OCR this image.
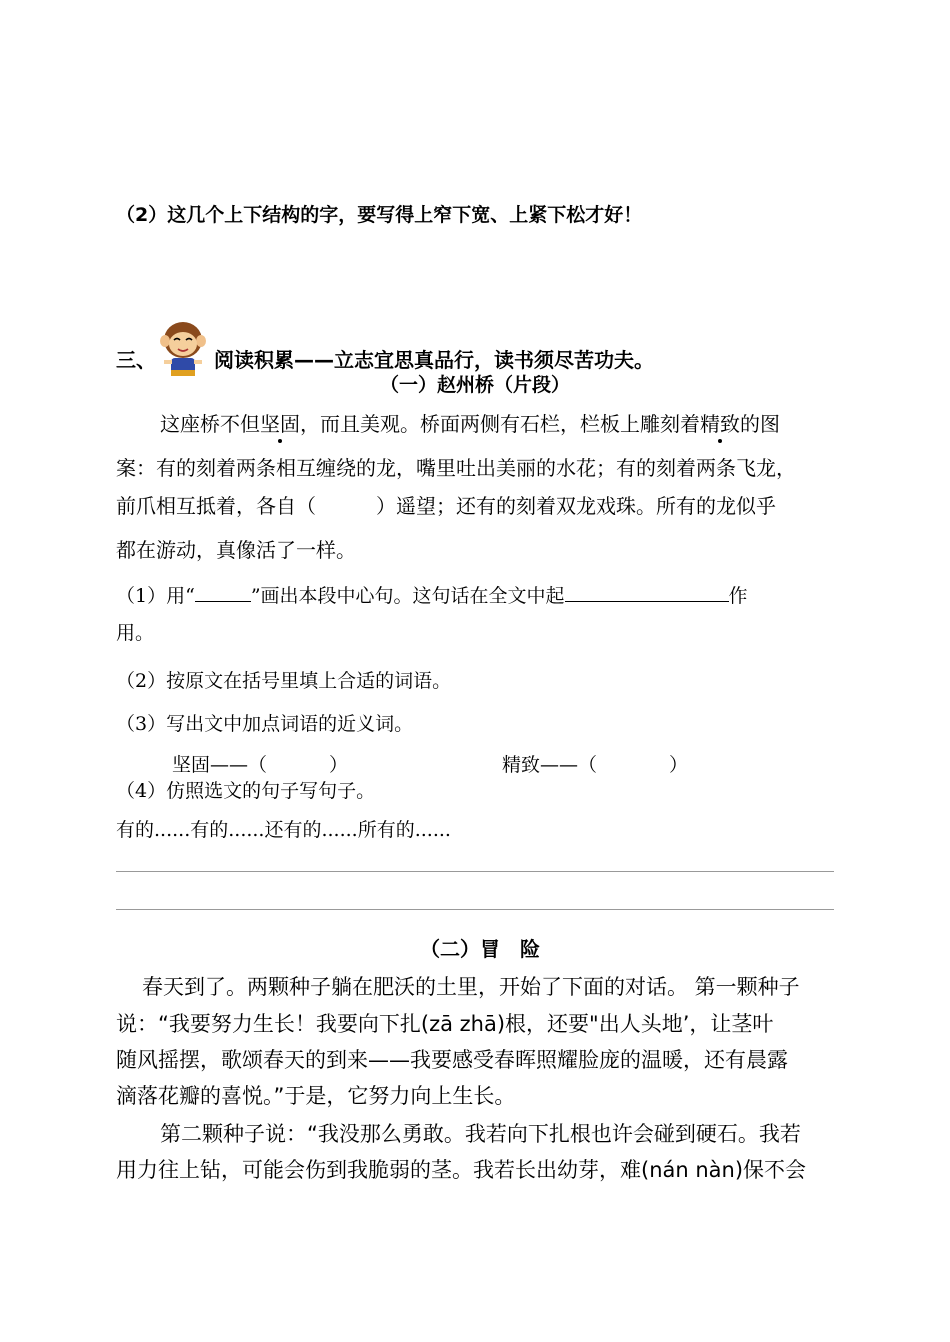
（2）这几个上下结构的字，要写得上窄下宽、上紧下松才好！
三、	阅读积累——立志宜思真品行，读书须尽苦功夫。
（一）赵州桥（片段）
这座桥不但坚固，而且美观。桥面两侧有石栏，栏板上雕刻着精致的图
案：有的刻着两条相互缠绕的龙，嘴里吐出美丽的水花；有的刻着两条飞龙，
前爪相互抵着，各自（	）遥望；还有的刻着双龙戏珠。所有的龙似乎
都在游动，真像活了一样。
（1）用“	”画出本段中心句。这句话在全文中起	作
用。
（2）按原文在括号里填上合适的词语。
（3）写出文中加点词语的近义词。
坚固——（	）	精致——（	）
（4）仿照选文的句子写句子。
有的......有的......还有的......所有的......
（二）冒　险
春天到了。两颗种子躺在肥沃的土里，开始了下面的对话。 第一颗种子
说：“我要努力生长！我要向下扎(zā zhā)根，还要"出人头地’，让茎叶
随风摇摆，歌颂春天的到来——我要感受春晖照耀脸庞的温暖，还有晨露
滴落花瓣的喜悦。”于是，它努力向上生长。
第二颗种子说：“我没那么勇敢。我若向下扎根也许会碰到硬石。我若
用力往上钻，可能会伤到我脆弱的茎。我若长出幼芽，难(nán nàn)保不会
